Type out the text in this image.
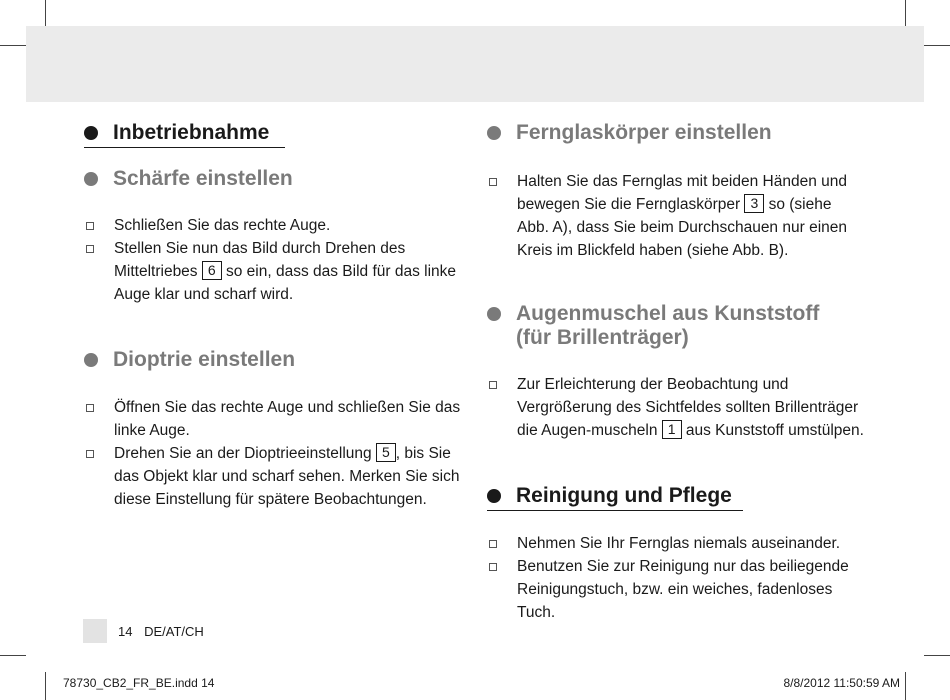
Inbetriebnahme
Schärfe einstellen
Schließen Sie das rechte Auge.
Stellen Sie nun das Bild durch Drehen des Mitteltriebes 6 so ein, dass das Bild für das linke Auge klar und scharf wird.
Dioptrie einstellen
Öffnen Sie das rechte Auge und schließen Sie das linke Auge.
Drehen Sie an der Dioptrieeinstellung 5 , bis Sie das Objekt klar und scharf sehen. Merken Sie sich diese Einstellung für spätere Beobachtungen.
Fernglaskörper einstellen
Halten Sie das Fernglas mit beiden Händen und bewegen Sie die Fernglaskörper 3 so (siehe Abb. A), dass Sie beim Durchschauen nur einen Kreis im Blickfeld haben (siehe Abb. B).
Augenmuschel aus Kunststoff
(für Brillenträger)
Zur Erleichterung der Beobachtung und Vergrößerung des Sichtfeldes sollten Brillenträger die Augen-muscheln 1 aus Kunststoff umstülpen.
Reinigung und Pflege
Nehmen Sie Ihr Fernglas niemals auseinander.
Benutzen Sie zur Reinigung nur das beiliegende Reinigungstuch, bzw. ein weiches, fadenloses Tuch.
14 DE/AT/CH
78730_CB2_FR_BE.indd 14	8/8/2012 11:50:59 AM
